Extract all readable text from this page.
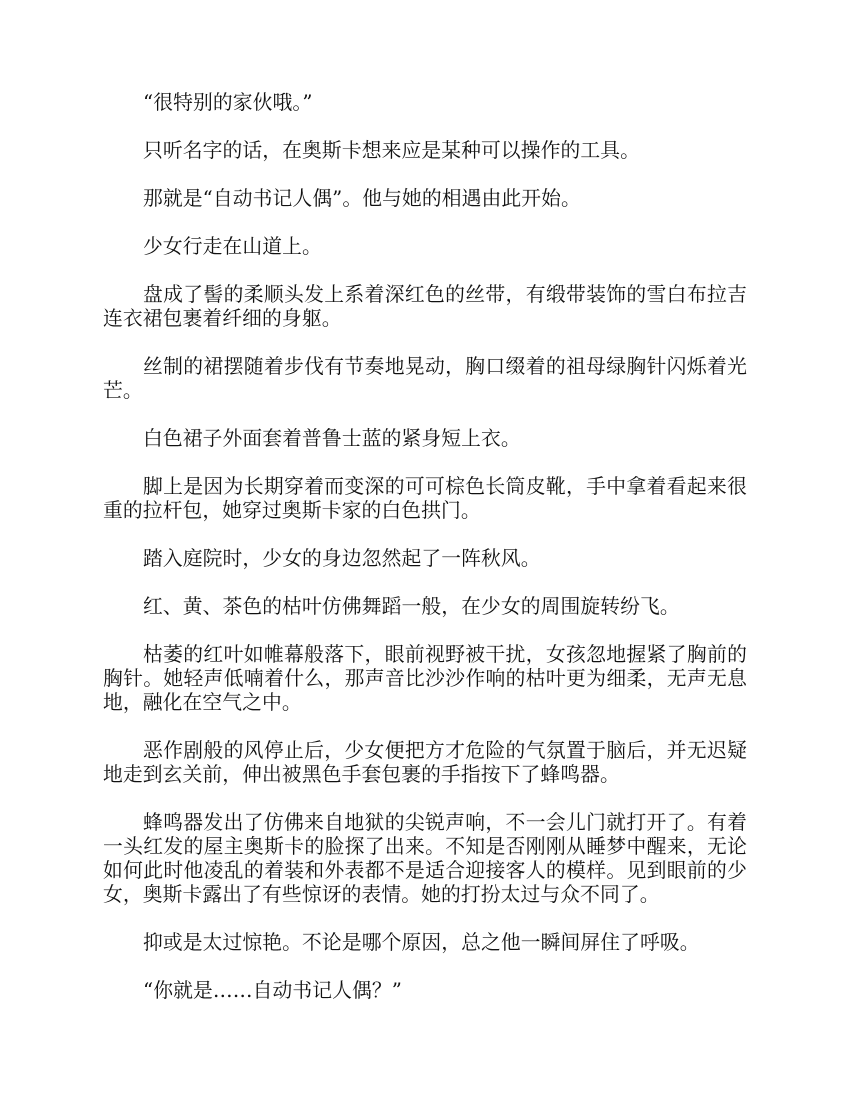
“很特别的家伙哦。”

只听名字的话，在奥斯卡想来应是某种可以操作的工具。

那就是“自动书记人偶”。他与她的相遇由此开始。

少女行走在山道上。

盘成了髻的柔顺头发上系着深红色的丝带，有缎带装饰的雪白布拉吉连衣裙包裹着纤细的身躯。

丝制的裙摆随着步伐有节奏地晃动，胸口缀着的祖母绿胸针闪烁着光芒。

白色裙子外面套着普鲁士蓝的紧身短上衣。

脚上是因为长期穿着而变深的可可棕色长筒皮靴，手中拿着看起来很重的拉杆包，她穿过奥斯卡家的白色拱门。

踏入庭院时，少女的身边忽然起了一阵秋风。

红、黄、茶色的枯叶仿佛舞蹈一般，在少女的周围旋转纷飞。

枯萎的红叶如帷幕般落下，眼前视野被干扰，女孩忽地握紧了胸前的胸针。她轻声低喃着什么，那声音比沙沙作响的枯叶更为细柔，无声无息地，融化在空气之中。

恶作剧般的风停止后，少女便把方才危险的气氛置于脑后，并无迟疑地走到玄关前，伸出被黑色手套包裹的手指按下了蜂鸣器。

蜂鸣器发出了仿佛来自地狱的尖锐声响，不一会儿门就打开了。有着一头红发的屋主奥斯卡的脸探了出来。不知是否刚刚从睡梦中醒来，无论如何此时他凌乱的着装和外表都不是适合迎接客人的模样。见到眼前的少女，奥斯卡露出了有些惊讶的表情。她的打扮太过与众不同了。

抑或是太过惊艳。不论是哪个原因，总之他一瞬间屏住了呼吸。

“你就是……自动书记人偶？”
